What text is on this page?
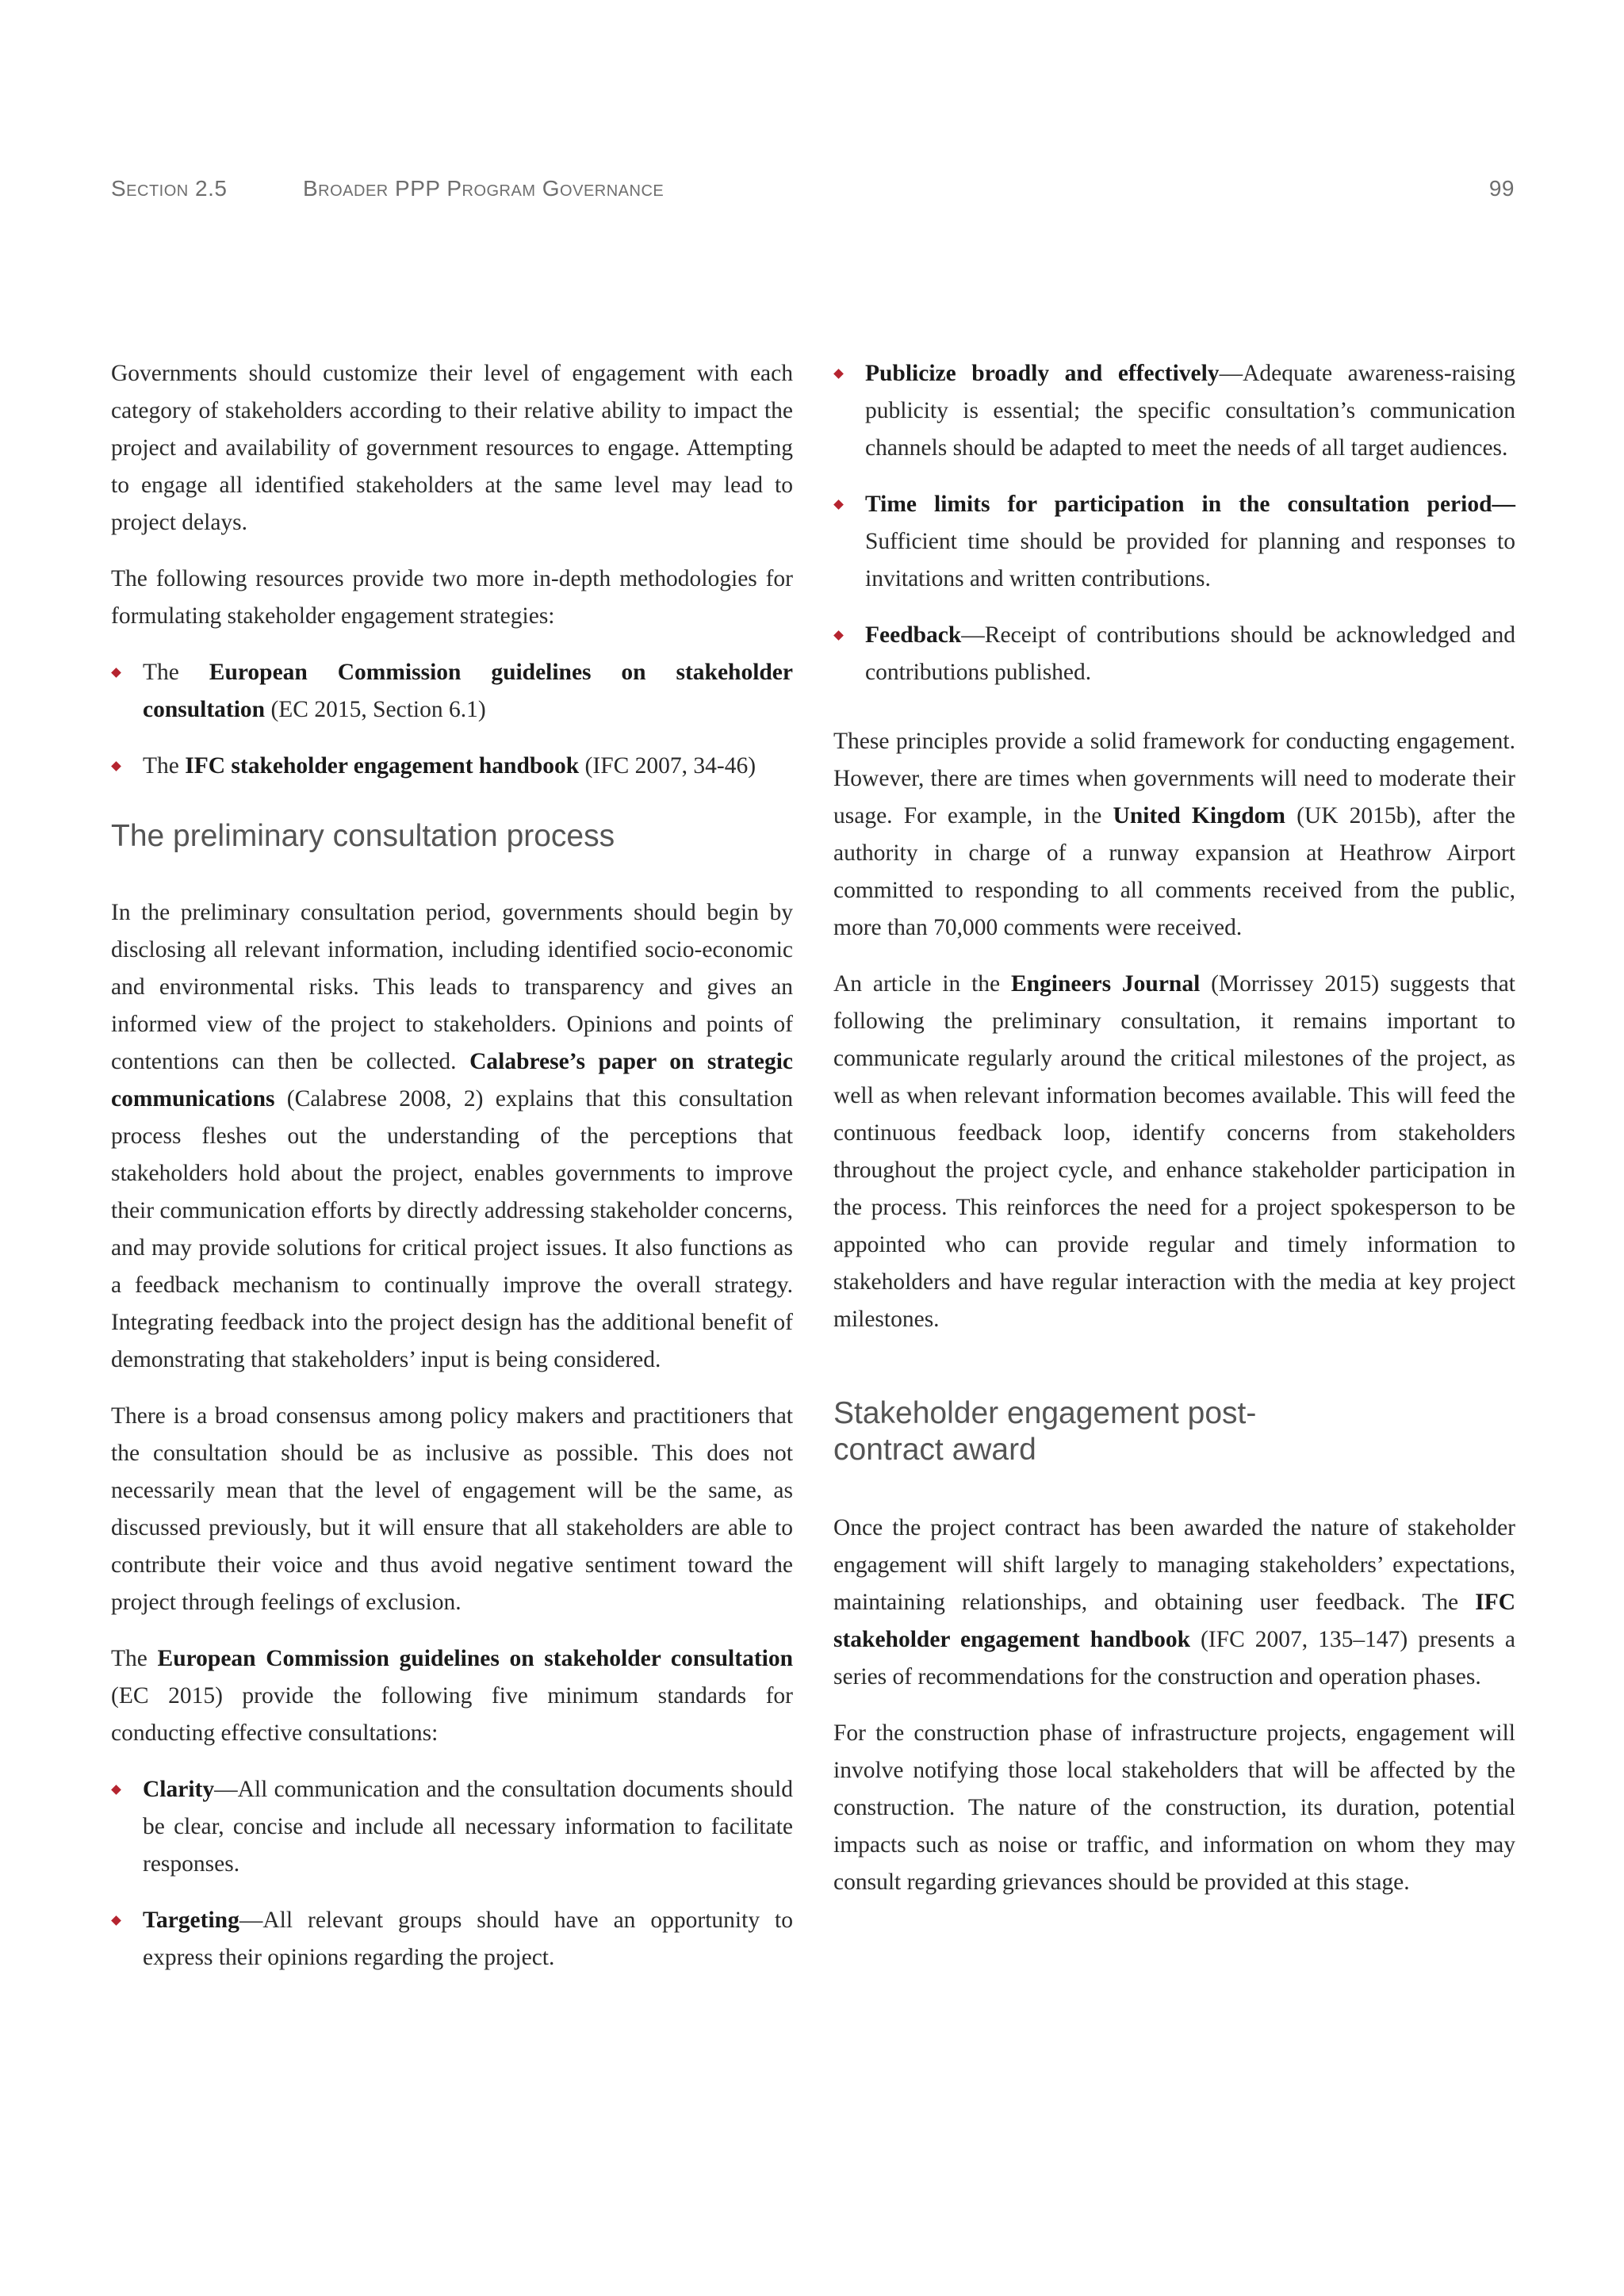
Section 2.5	Broader PPP Program Governance	99

Governments should customize their level of engagement with each category of stakeholders according to their relative ability to impact the project and availability of government resources to engage. Attempting to engage all identified stakeholders at the same level may lead to project delays.

The following resources provide two more in-depth methodologies for formulating stakeholder engagement strategies:

The European Commission guidelines on stakeholder consultation (EC 2015, Section 6.1)
The IFC stakeholder engagement handbook (IFC 2007, 34-46)
The preliminary consultation process

In the preliminary consultation period, governments should begin by disclosing all relevant information, including identified socio-economic and environmental risks. This leads to transparency and gives an informed view of the project to stakeholders. Opinions and points of contentions can then be collected. Calabrese’s paper on strategic communications (Calabrese 2008, 2) explains that this consultation process fleshes out the understanding of the perceptions that stakeholders hold about the project, enables governments to improve their communication efforts by directly addressing stakeholder concerns, and may provide solutions for critical project issues. It also functions as a feedback mechanism to continually improve the overall strategy. Integrating feedback into the project design has the additional benefit of demonstrating that stakeholders’ input is being considered.

There is a broad consensus among policy makers and practitioners that the consultation should be as inclusive as possible. This does not necessarily mean that the level of engagement will be the same, as discussed previously, but it will ensure that all stakeholders are able to contribute their voice and thus avoid negative sentiment toward the project through feelings of exclusion.

The European Commission guidelines on stakeholder consultation (EC 2015) provide the following five minimum standards for conducting effective consultations:

Clarity—All communication and the consultation documents should be clear, concise and include all necessary information to facilitate responses.
Targeting—All relevant groups should have an opportunity to express their opinions regarding the project.
Publicize broadly and effectively—Adequate awareness-raising publicity is essential; the specific consultation’s communication channels should be adapted to meet the needs of all target audiences.
Time limits for participation in the consultation period—Sufficient time should be provided for planning and responses to invitations and written contributions.
Feedback—Receipt of contributions should be acknowledged and contributions published.

These principles provide a solid framework for conducting engagement. However, there are times when governments will need to moderate their usage. For example, in the United Kingdom (UK 2015b), after the authority in charge of a runway expansion at Heathrow Airport committed to responding to all comments received from the public, more than 70,000 comments were received.

An article in the Engineers Journal (Morrissey 2015) suggests that following the preliminary consultation, it remains important to communicate regularly around the critical milestones of the project, as well as when relevant information becomes available. This will feed the continuous feedback loop, identify concerns from stakeholders throughout the project cycle, and enhance stakeholder participation in the process. This reinforces the need for a project spokesperson to be appointed who can provide regular and timely information to stakeholders and have regular interaction with the media at key project milestones.

Stakeholder engagement post-
contract award

Once the project contract has been awarded the nature of stakeholder engagement will shift largely to managing stakeholders’ expectations, maintaining relationships, and obtaining user feedback. The IFC stakeholder engagement handbook (IFC 2007, 135–147) presents a series of recommendations for the construction and operation phases.

For the construction phase of infrastructure projects, engagement will involve notifying those local stakeholders that will be affected by the construction. The nature of the construction, its duration, potential impacts such as noise or traffic, and information on whom they may consult regarding grievances should be provided at this stage.
